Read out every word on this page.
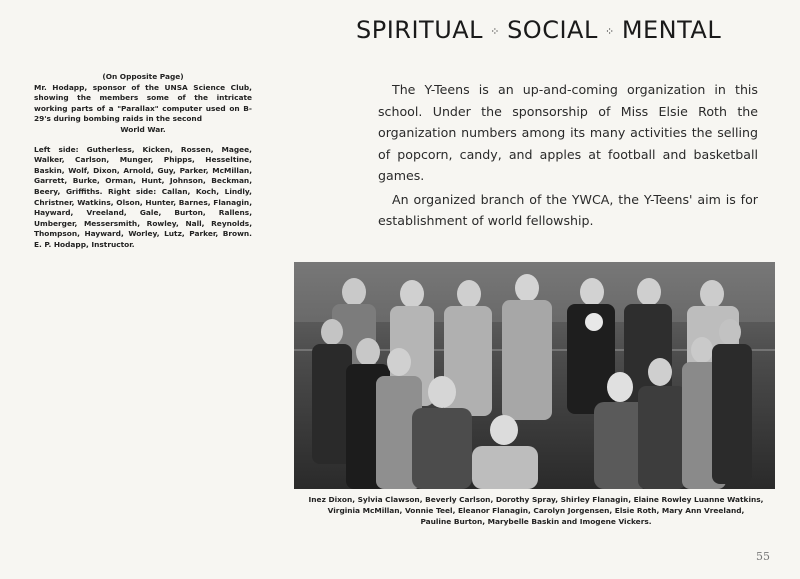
(On Opposite Page)

Mr. Hodapp, sponsor of the UNSA Science Club, showing the members some of the intricate working parts of a "Parallax" computer used on B-29's during bombing raids in the second
World War.

Left side: Gutherless, Kicken, Rossen, Magee, Walker, Carlson, Munger, Phipps, Hesseltine, Baskin, Wolf, Dixon, Arnold, Guy, Parker, McMillan, Garrett, Burke, Orman, Hunt, Johnson, Beckman, Beery, Griffiths. Right side: Callan, Koch, Lindly, Christner, Watkins, Olson, Hunter, Barnes, Flanagin, Hayward, Vreeland, Gale, Burton, Rallens, Umberger, Messersmith, Rowley, Nall, Reynolds, Thompson, Hayward, Worley, Lutz, Parker, Brown. E. P. Hodapp, Instructor.

SPIRITUAL ⁘ SOCIAL ⁘ MENTAL

The Y-Teens is an up-and-coming organization in this school. Under the sponsorship of Miss Elsie Roth the organization numbers among its many activities the selling of popcorn, candy, and apples at football and basketball games.

An organized branch of the YWCA, the Y-Teens' aim is for establishment of world fellowship.

Inez Dixon, Sylvia Clawson, Beverly Carlson, Dorothy Spray, Shirley Flanagin, Elaine Rowley Luanne Watkins,
Virginia McMillan, Vonnie Teel, Eleanor Flanagin, Carolyn Jorgensen, Elsie Roth, Mary Ann Vreeland,
Pauline Burton, Marybelle Baskin and Imogene Vickers.
55
